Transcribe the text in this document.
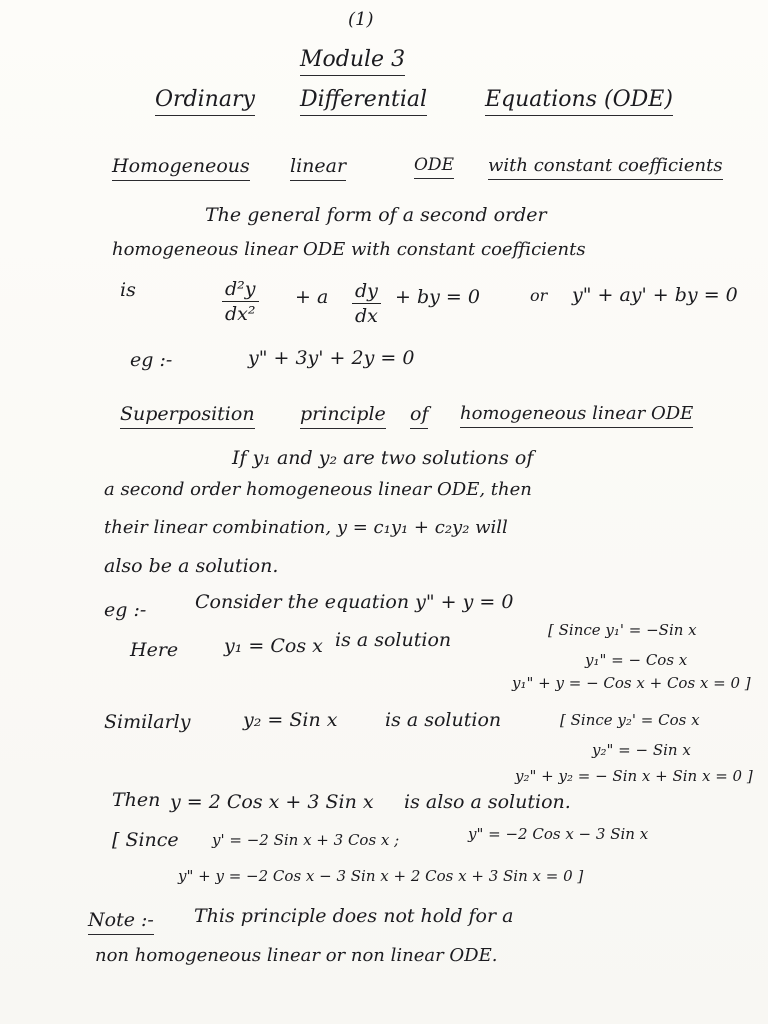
(1)
Module 3
Ordinary Differential	Equations (ODE)
Homogeneous linear	ODE with constant coefficients
The general form of a second order
homogeneous linear ODE with constant coefficients
is	$\frac{\text{d²y}}{\text{dx²}} + a \frac{dy}{dx}$ + by = 0	or y" + ay' + by = 0
eg :-	y" + 3y' + 2y = 0
Superposition principle of homogeneous linear ODE
If y₁ and y₂ are two solutions of
a second order homogeneous linear ODE, then
their linear combination, y = c₁y₁ + c₂y₂ will
also be a solution.
eg :-	Consider the equation y" + y = 0
Here y₁ = Cos x is a solution	[ Since y₁' = −Sin x
y₁" = − Cos x
y₁" + y = − Cos x + Cos x = 0 ]
Similarly	y₂ = Sin x	is a solution	[ Since y₂' = Cos x
y₂" = − Sin x
y₂" + y₂ = − Sin x + Sin x = 0 ]
Then y = 2 Cos x + 3 Sin x is also a solution.
[ Since y' = −2 Sin x + 3 Cos x ;	y" = −2 Cos x − 3 Sin x
y" + y = −2 Cos x − 3 Sin x + 2 Cos x + 3 Sin x = 0 ]
Note :- This principle does not hold for a
non homogeneous linear or non linear ODE.
